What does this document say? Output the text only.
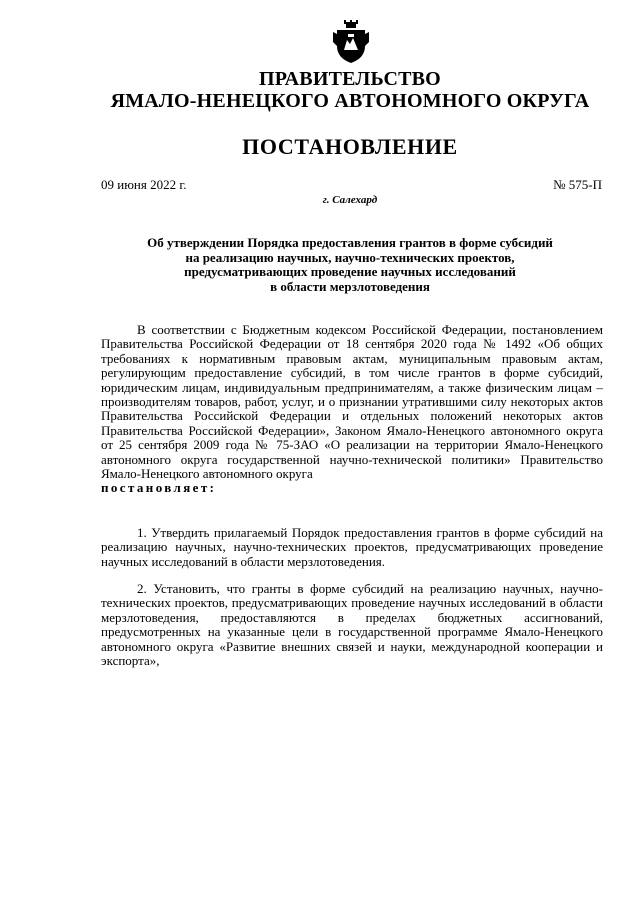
ПРАВИТЕЛЬСТВО
ЯМАЛО-НЕНЕЦКОГО АВТОНОМНОГО ОКРУГА
ПОСТАНОВЛЕНИЕ
09 июня 2022 г.	№ 575-П
г. Салехард
Об утверждении Порядка предоставления грантов в форме субсидий
на реализацию научных, научно-технических проектов,
предусматривающих проведение научных исследований
в области мерзлотоведения

В соответствии с Бюджетным кодексом Российской Федерации, постановлением Правительства Российской Федерации от 18 сентября 2020 года № 1492 «Об общих требованиях к нормативным правовым актам, муниципальным правовым актам, регулирующим предоставление субсидий, в том числе грантов в форме субсидий, юридическим лицам, индивидуальным предпринимателям, а также физическим лицам – производителям товаров, работ, услуг, и о признании утратившими силу некоторых актов Правительства Российской Федерации и отдельных положений некоторых актов Правительства Российской Федерации», Законом Ямало-Ненецкого автономного округа от 25 сентября 2009 года № 75-ЗАО «О реализации на территории Ямало-Ненецкого автономного округа государственной научно-технической политики» Правительство Ямало-Ненецкого автономного округа
постановляет:

1. Утвердить прилагаемый Порядок предоставления грантов в форме субсидий на реализацию научных, научно-технических проектов, предусматривающих проведение научных исследований в области мерзлотоведения.

2. Установить, что гранты в форме субсидий на реализацию научных, научно-технических проектов, предусматривающих проведение научных исследований в области мерзлотоведения, предоставляются в пределах бюджетных ассигнований, предусмотренных на указанные цели в государственной программе Ямало-Ненецкого автономного округа «Развитие внешних связей и науки, международной кооперации и экспорта»,
